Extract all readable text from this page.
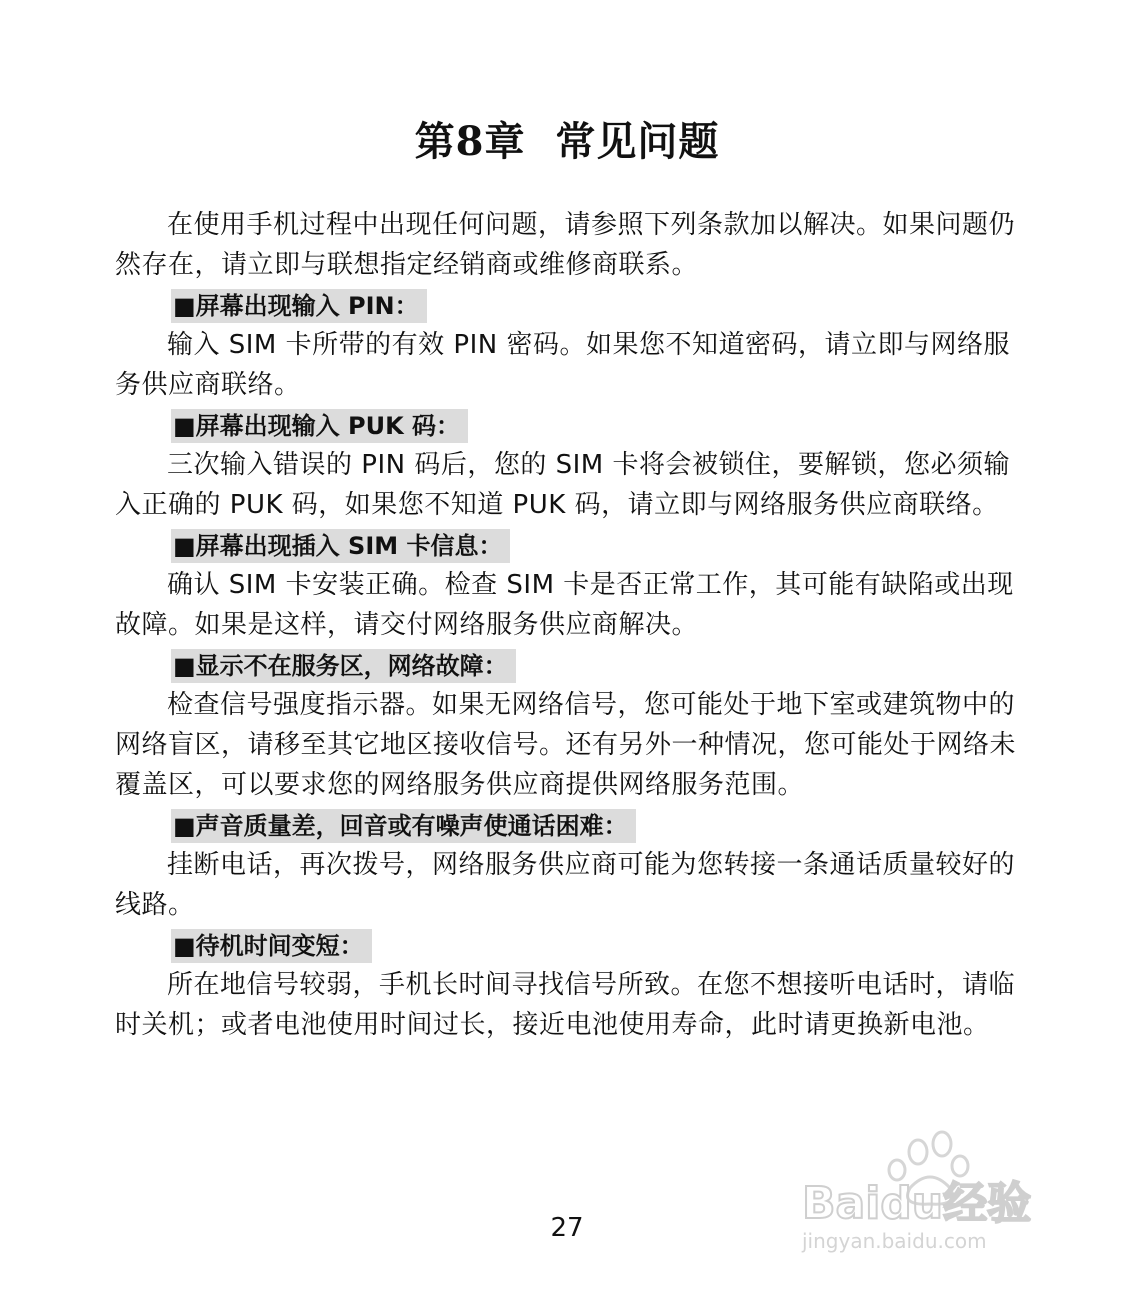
第8章  常见问题

在使用手机过程中出现任何问题，请参照下列条款加以解决。如果问题仍然存在，请立即与联想指定经销商或维修商联系。

■屏幕出现输入 PIN：

输入 SIM 卡所带的有效 PIN 密码。如果您不知道密码，请立即与网络服务供应商联络。

■屏幕出现输入 PUK 码：

三次输入错误的 PIN 码后，您的 SIM 卡将会被锁住，要解锁，您必须输入正确的 PUK 码，如果您不知道 PUK 码，请立即与网络服务供应商联络。

■屏幕出现插入 SIM 卡信息：

确认 SIM 卡安装正确。检查 SIM 卡是否正常工作，其可能有缺陷或出现故障。如果是这样，请交付网络服务供应商解决。

■显示不在服务区，网络故障：

检查信号强度指示器。如果无网络信号，您可能处于地下室或建筑物中的网络盲区，请移至其它地区接收信号。还有另外一种情况，您可能处于网络未覆盖区，可以要求您的网络服务供应商提供网络服务范围。

■声音质量差，回音或有噪声使通话困难：

挂断电话，再次拨号，网络服务供应商可能为您转接一条通话质量较好的线路。

■待机时间变短：

所在地信号较弱，手机长时间寻找信号所致。在您不想接听电话时，请临时关机；或者电池使用时间过长，接近电池使用寿命，此时请更换新电池。

27	Baidu经验
jingyan.baidu.com
